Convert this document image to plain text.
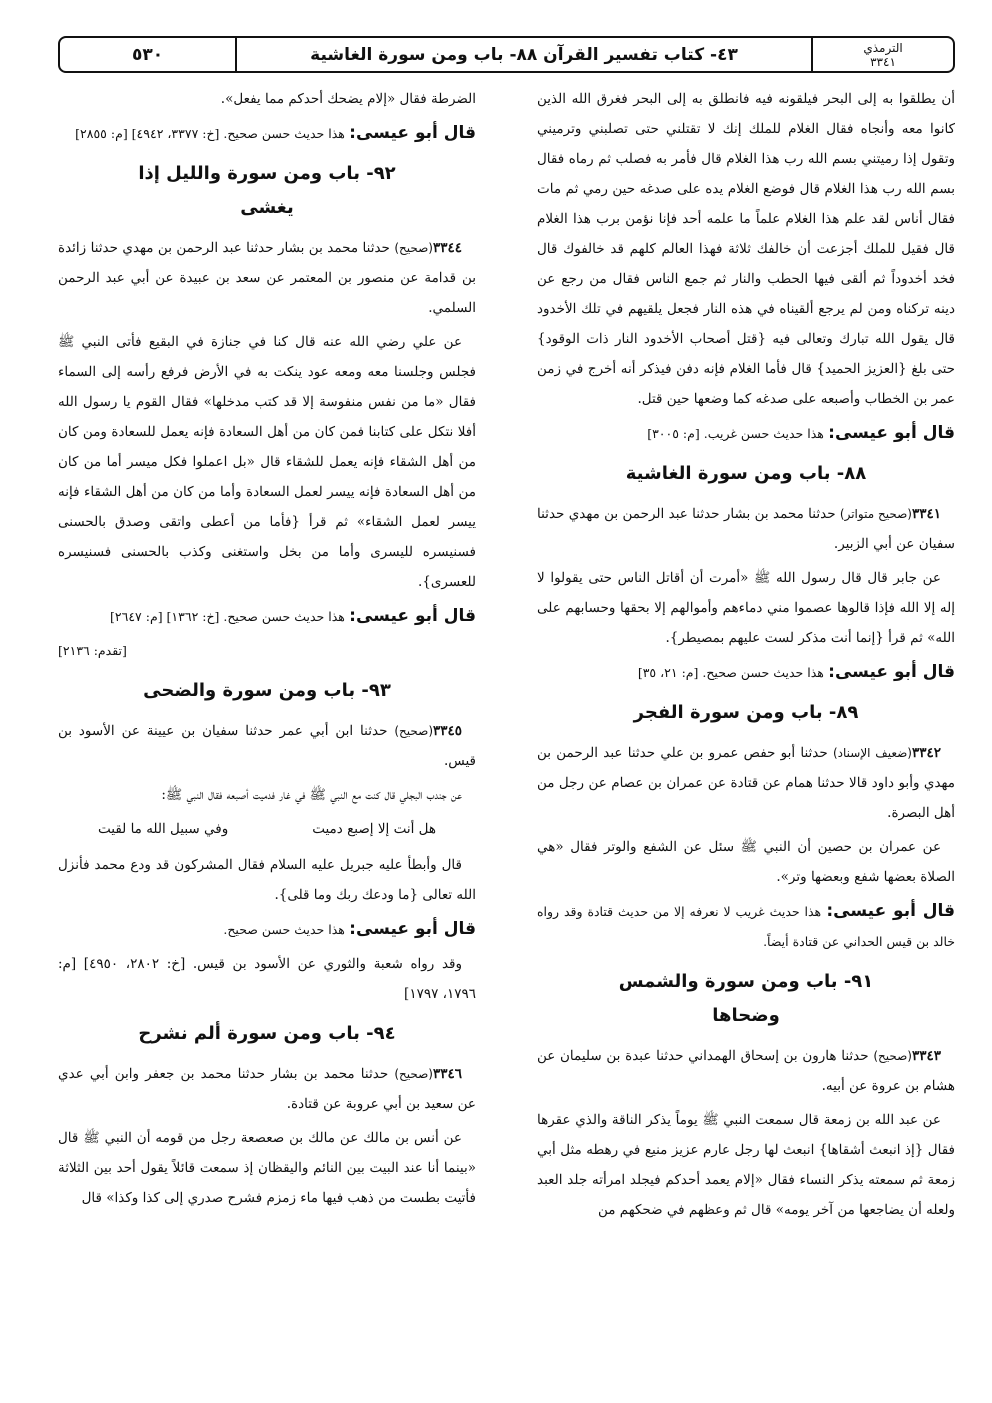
الترمذي
٣٣٤١
٤٣- كتاب تفسير القرآن ٨٨- باب ومن سورة الغاشية
٥٣٠

أن يطلقوا به إلى البحر فيلقونه فيه فانطلق به إلى البحر فغرق الله الذين كانوا معه وأنجاه فقال الغلام للملك إنك لا تقتلني حتى تصلبني وترميني وتقول إذا رميتني بسم الله رب هذا الغلام قال فأمر به فصلب ثم رماه فقال بسم الله رب هذا الغلام قال فوضع الغلام يده على صدغه حين رمي ثم مات فقال أناس لقد علم هذا الغلام علماً ما علمه أحد فإنا نؤمن برب هذا الغلام قال فقيل للملك أجزعت أن خالفك ثلاثة فهذا العالم كلهم قد خالفوك قال فخد أخدوداً ثم ألقى فيها الحطب والنار ثم جمع الناس فقال من رجع عن دينه تركناه ومن لم يرجع ألقيناه في هذه النار فجعل يلقيهم في تلك الأخدود قال يقول الله تبارك وتعالى فيه {قتل أصحاب الأخدود النار ذات الوقود} حتى بلغ {العزيز الحميد} قال فأما الغلام فإنه دفن فيذكر أنه أخرج في زمن عمر بن الخطاب وأصبعه على صدغه كما وضعها حين قتل.

قال أبو عيسى: هذا حديث حسن غريب. [م: ٣٠٠٥]

٨٨- باب ومن سورة الغاشية

٣٣٤١(صحيح متواتر) حدثنا محمد بن بشار حدثنا عبد الرحمن بن مهدي حدثنا سفيان عن أبي الزبير.

عن جابر قال قال رسول الله ﷺ «أمرت أن أقاتل الناس حتى يقولوا لا إله إلا الله فإذا قالوها عصموا مني دماءهم وأموالهم إلا بحقها وحسابهم على الله» ثم قرأ {إنما أنت مذكر لست عليهم بمصيطر}.

قال أبو عيسى: هذا حديث حسن صحيح. [م: ٢١، ٣٥]

٨٩- باب ومن سورة الفجر

٣٣٤٢(ضعيف الإسناد) حدثنا أبو حفص عمرو بن علي حدثنا عبد الرحمن بن مهدي وأبو داود قالا حدثنا همام عن قتادة عن عمران بن عصام عن رجل من أهل البصرة.

عن عمران بن حصين أن النبي ﷺ سئل عن الشفع والوتر فقال «هي الصلاة بعضها شفع وبعضها وتر».

قال أبو عيسى: هذا حديث غريب لا نعرفه إلا من حديث قتادة وقد رواه خالد بن قيس الحداني عن قتادة أيضاً.

٩١- باب ومن سورة والشمس
وضحاها

٣٣٤٣(صحيح) حدثنا هارون بن إسحاق الهمداني حدثنا عبدة بن سليمان عن هشام بن عروة عن أبيه.

عن عبد الله بن زمعة قال سمعت النبي ﷺ يوماً يذكر الناقة والذي عقرها فقال {إذ انبعث أشقاها} انبعث لها رجل عارم عزيز منيع في رهطه مثل أبي زمعة ثم سمعته يذكر النساء فقال «إلام يعمد أحدكم فيجلد امرأته جلد العبد ولعله أن يضاجعها من آخر يومه» قال ثم وعظهم في ضحكهم من

الضرطة فقال «إلام يضحك أحدكم مما يفعل».

قال أبو عيسى: هذا حديث حسن صحيح. [خ: ٣٣٧٧، ٤٩٤٢] [م: ٢٨٥٥]

٩٢- باب ومن سورة والليل إذا
يغشى

٣٣٤٤(صحيح) حدثنا محمد بن بشار حدثنا عبد الرحمن بن مهدي حدثنا زائدة بن قدامة عن منصور بن المعتمر عن سعد بن عبيدة عن أبي عبد الرحمن السلمي.

عن علي رضي الله عنه قال كنا في جنازة في البقيع فأتى النبي ﷺ فجلس وجلسنا معه ومعه عود ينكت به في الأرض فرفع رأسه إلى السماء فقال «ما من نفس منفوسة إلا قد كتب مدخلها» فقال القوم يا رسول الله أفلا نتكل على كتابنا فمن كان من أهل السعادة فإنه يعمل للسعادة ومن كان من أهل الشقاء فإنه يعمل للشقاء قال «بل اعملوا فكل ميسر أما من كان من أهل السعادة فإنه ييسر لعمل السعادة وأما من كان من أهل الشقاء فإنه ييسر لعمل الشقاء» ثم قرأ {فأما من أعطى واتقى وصدق بالحسنى فسنيسره لليسرى وأما من بخل واستغنى وكذب بالحسنى فسنيسره للعسرى}.

قال أبو عيسى: هذا حديث حسن صحيح. [خ: ١٣٦٢] [م: ٢٦٤٧]

[تقدم: ٢١٣٦]

٩٣- باب ومن سورة والضحى

٣٣٤٥(صحيح) حدثنا ابن أبي عمر حدثنا سفيان بن عيينة عن الأسود بن قيس.

عن جندب البجلي قال كنت مع النبي ﷺ في غار فدميت أصبعه فقال النبي ﷺ:

هل أنت إلا إصبع دميت
وفي سبيل الله ما لقيت

قال وأبطأ عليه جبريل عليه السلام فقال المشركون قد ودع محمد فأنزل الله تعالى {ما ودعك ربك وما قلى}.

قال أبو عيسى: هذا حديث حسن صحيح.

وقد رواه شعبة والثوري عن الأسود بن قيس. [خ: ٢٨٠٢، ٤٩٥٠] [م: ١٧٩٦، ١٧٩٧]

٩٤- باب ومن سورة ألم نشرح

٣٣٤٦(صحيح) حدثنا محمد بن بشار حدثنا محمد بن جعفر وابن أبي عدي عن سعيد بن أبي عروبة عن قتادة.

عن أنس بن مالك عن مالك بن صعصعة رجل من قومه أن النبي ﷺ قال «بينما أنا عند البيت بين النائم واليقظان إذ سمعت قائلاً يقول أحد بين الثلاثة فأتيت بطست من ذهب فيها ماء زمزم فشرح صدري إلى كذا وكذا» قال
